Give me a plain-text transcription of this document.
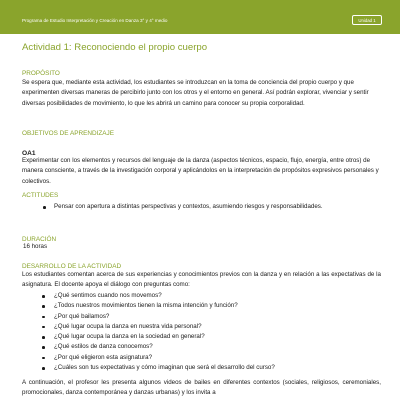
Programa de Estudio Interpretación y Creación en Danza 3° y 4° medio	Unidad 1
Actividad 1: Reconociendo el propio cuerpo
PROPÓSITO

Se espera que, mediante esta actividad, los estudiantes se introduzcan en la toma de conciencia del propio cuerpo y que experimenten diversas maneras de percibirlo junto con los otros y el entorno en general. Así podrán explorar, vivenciar y sentir diversas posibilidades de movimiento, lo que les abrirá un camino para conocer su propia corporalidad.

OBJETIVOS DE APRENDIZAJE
OA1

Experimentar con los elementos y recursos del lenguaje de la danza (aspectos técnicos, espacio, flujo, energía, entre otros) de manera consciente, a través de la investigación corporal y aplicándolos en la interpretación de propósitos expresivos personales y colectivos.

ACTITUDES
Pensar con apertura a distintas perspectivas y contextos, asumiendo riesgos y responsabilidades.
DURACIÓN

16 horas

DESARROLLO DE LA ACTIVIDAD

Los estudiantes comentan acerca de sus experiencias y conocimientos previos con la danza y en relación a las expectativas de la asignatura. El docente apoya el diálogo con preguntas como:

¿Qué sentimos cuando nos movemos?
¿Todos nuestros movimientos tienen la misma intención y función?
¿Por qué bailamos?
¿Qué lugar ocupa la danza en nuestra vida personal?
¿Qué lugar ocupa la danza en la sociedad en general?
¿Qué estilos de danza conocemos?
¿Por qué eligieron esta asignatura?
¿Cuáles son tus expectativas y cómo imaginan que será el desarrollo del curso?

A continuación, el profesor les presenta algunos videos de bailes en diferentes contextos (sociales, religiosos, ceremoniales, promocionales, danza contemporánea y danzas urbanas) y los invita a
